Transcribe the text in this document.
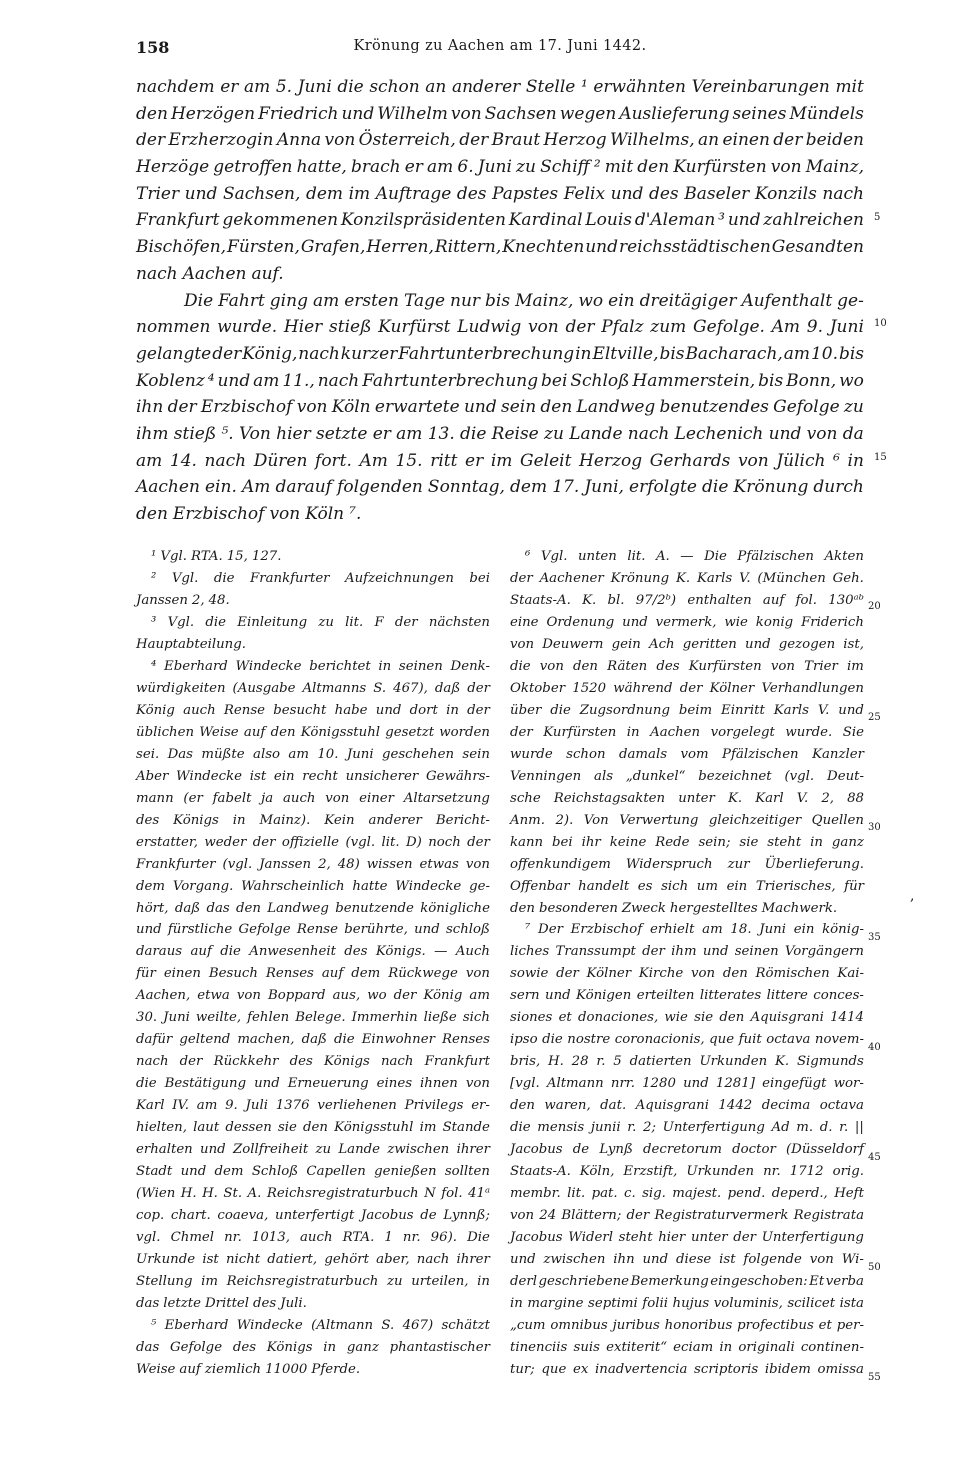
158	Krönung zu Aachen am 17. Juni 1442.
nachdem er am 5. Juni die schon an anderer Stelle ¹ erwähnten Vereinbarungen mit
den Herzögen Friedrich und Wilhelm von Sachsen wegen Auslieferung seines Mündels
der Erzherzogin Anna von Österreich, der Braut Herzog Wilhelms, an einen der beiden
Herzöge getroffen hatte, brach er am 6. Juni zu Schiff ² mit den Kurfürsten von Mainz,
Trier und Sachsen, dem im Auftrage des Papstes Felix und des Baseler Konzils nach
Frankfurt gekommenen Konzilspräsidenten Kardinal Louis d'Aleman ³ und zahlreichen
Bischöfen, Fürsten, Grafen, Herren, Rittern, Knechten und reichsstädtischen Gesandten
nach Aachen auf.
Die Fahrt ging am ersten Tage nur bis Mainz, wo ein dreitägiger Aufenthalt ge-
nommen wurde. Hier stieß Kurfürst Ludwig von der Pfalz zum Gefolge. Am 9. Juni
gelangte der König, nach kurzer Fahrtunterbrechung in Eltville, bis Bacharach, am 10. bis
Koblenz ⁴ und am 11., nach Fahrtunterbrechung bei Schloß Hammerstein, bis Bonn, wo
ihn der Erzbischof von Köln erwartete und sein den Landweg benutzendes Gefolge zu
ihm stieß ⁵. Von hier setzte er am 13. die Reise zu Lande nach Lechenich und von da
am 14. nach Düren fort. Am 15. ritt er im Geleit Herzog Gerhards von Jülich ⁶ in
Aachen ein. Am darauf folgenden Sonntag, dem 17. Juni, erfolgte die Krönung durch
den Erzbischof von Köln ⁷.
5
10
15
¹ Vgl. RTA. 15, 127.
² Vgl. die Frankfurter Aufzeichnungen bei
Janssen 2, 48.
³ Vgl. die Einleitung zu lit. F der nächsten
Hauptabteilung.
⁴ Eberhard Windecke berichtet in seinen Denk-
würdigkeiten (Ausgabe Altmanns S. 467), daß der
König auch Rense besucht habe und dort in der
üblichen Weise auf den Königsstuhl gesetzt worden
sei. Das müßte also am 10. Juni geschehen sein
Aber Windecke ist ein recht unsicherer Gewährs-
mann (er fabelt ja auch von einer Altarsetzung
des Königs in Mainz). Kein anderer Bericht-
erstatter, weder der offizielle (vgl. lit. D) noch der
Frankfurter (vgl. Janssen 2, 48) wissen etwas von
dem Vorgang. Wahrscheinlich hatte Windecke ge-
hört, daß das den Landweg benutzende königliche
und fürstliche Gefolge Rense berührte, und schloß
daraus auf die Anwesenheit des Königs. — Auch
für einen Besuch Renses auf dem Rückwege von
Aachen, etwa von Boppard aus, wo der König am
30. Juni weilte, fehlen Belege. Immerhin ließe sich
dafür geltend machen, daß die Einwohner Renses
nach der Rückkehr des Königs nach Frankfurt
die Bestätigung und Erneuerung eines ihnen von
Karl IV. am 9. Juli 1376 verliehenen Privilegs er-
hielten, laut dessen sie den Königsstuhl im Stande
erhalten und Zollfreiheit zu Lande zwischen ihrer
Stadt und dem Schloß Capellen genießen sollten
(Wien H. H. St. A. Reichsregistraturbuch N fol. 41ᵃ
cop. chart. coaeva, unterfertigt Jacobus de Lynnß;
vgl. Chmel nr. 1013, auch RTA. 1 nr. 96). Die
Urkunde ist nicht datiert, gehört aber, nach ihrer
Stellung im Reichsregistraturbuch zu urteilen, in
das letzte Drittel des Juli.
⁵ Eberhard Windecke (Altmann S. 467) schätzt
das Gefolge des Königs in ganz phantastischer
Weise auf ziemlich 11000 Pferde.
⁶ Vgl. unten lit. A. — Die Pfälzischen Akten
der Aachener Krönung K. Karls V. (München Geh.
Staats-A. K. bl. 97/2ᵇ) enthalten auf fol. 130ᵃᵇ
eine Ordenung und vermerk, wie konig Friderich
von Deuwern gein Ach geritten und gezogen ist,
die von den Räten des Kurfürsten von Trier im
Oktober 1520 während der Kölner Verhandlungen
über die Zugsordnung beim Einritt Karls V. und
der Kurfürsten in Aachen vorgelegt wurde. Sie
wurde schon damals vom Pfälzischen Kanzler
Venningen als „dunkel“ bezeichnet (vgl. Deut-
sche Reichstagsakten unter K. Karl V. 2, 88
Anm. 2). Von Verwertung gleichzeitiger Quellen
kann bei ihr keine Rede sein; sie steht in ganz
offenkundigem Widerspruch zur Überlieferung.
Offenbar handelt es sich um ein Trierisches, für
den besonderen Zweck hergestelltes Machwerk.
⁷ Der Erzbischof erhielt am 18. Juni ein könig-
liches Transsumpt der ihm und seinen Vorgängern
sowie der Kölner Kirche von den Römischen Kai-
sern und Königen erteilten litterates littere conces-
siones et donaciones, wie sie den Aquisgrani 1414
ipso die nostre coronacionis, que fuit octava novem-
bris, H. 28 r. 5 datierten Urkunden K. Sigmunds
[vgl. Altmann nrr. 1280 und 1281] eingefügt wor-
den waren, dat. Aquisgrani 1442 decima octava
die mensis junii r. 2; Unterfertigung Ad m. d. r. ||
Jacobus de Lynß decretorum doctor (Düsseldorf
Staats-A. Köln, Erzstift, Urkunden nr. 1712 orig.
membr. lit. pat. c. sig. majest. pend. deperd., Heft
von 24 Blättern; der Registraturvermerk Registrata
Jacobus Widerl steht hier unter der Unterfertigung
und zwischen ihn und diese ist folgende von Wi-
derl geschriebene Bemerkung eingeschoben: Et verba
in margine septimi folii hujus voluminis, scilicet ista
„cum omnibus juribus honoribus profectibus et per-
tinenciis suis extiterit“ eciam in originali continen-
tur; que ex inadvertencia scriptoris ibidem omissa
20
25
30
35
40
45
50
55
,
